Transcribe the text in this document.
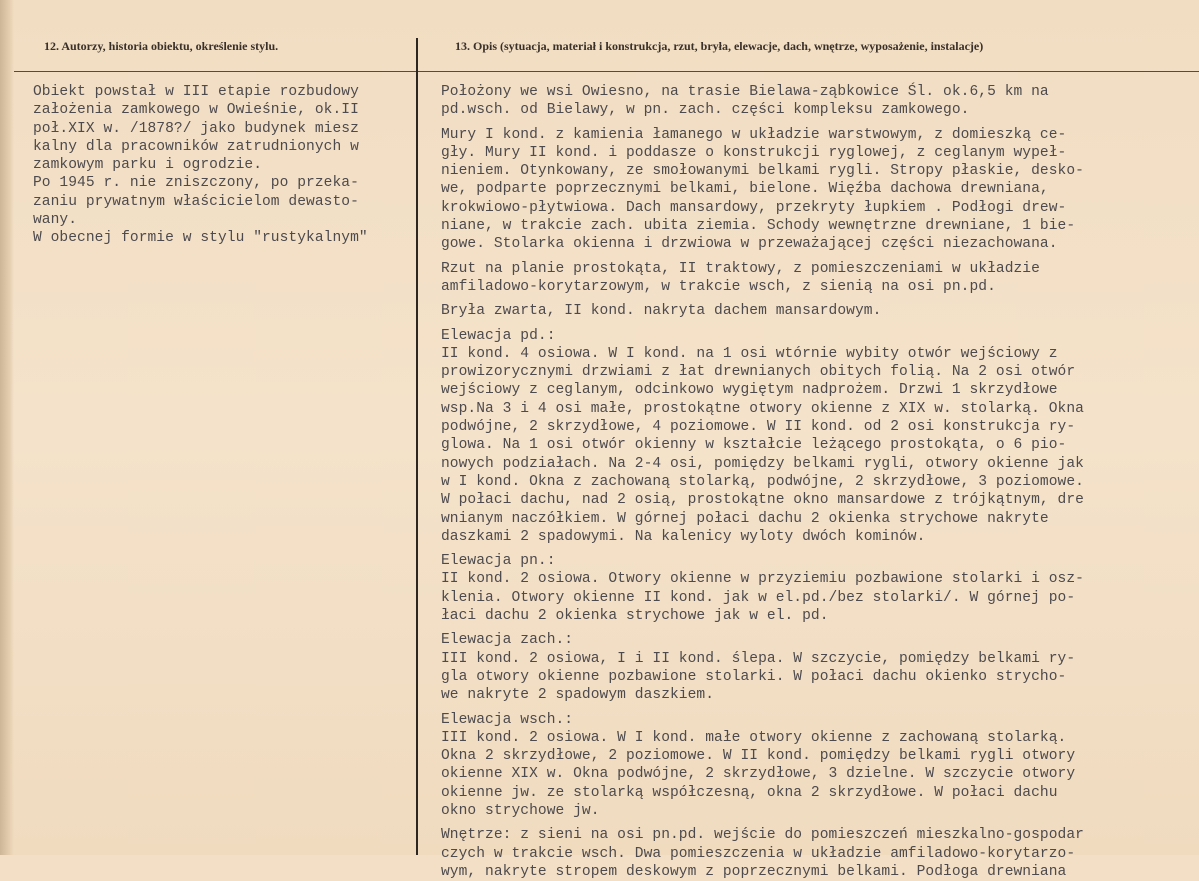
12. Autorzy, historia obiektu, określenie stylu.	13. Opis (sytuacja, materiał i konstrukcja, rzut, bryła, elewacje, dach, wnętrze, wyposażenie, instalacje)
Obiekt powstał w III etapie rozbudowy
założenia zamkowego w Owieśnie, ok.II
poł.XIX w. /1878?/ jako budynek miesz
kalny dla pracowników zatrudnionych w
zamkowym parku i ogrodzie.
Po 1945 r. nie zniszczony, po przeka-
zaniu prywatnym właścicielom dewasto-
wany.
W obecnej formie w stylu "rustykalnym"
Położony we wsi Owiesno, na trasie Bielawa-ząbkowice Śl. ok.6,5 km na
pd.wsch. od Bielawy, w pn. zach. części kompleksu zamkowego.
Mury I kond. z kamienia łamanego w układzie warstwowym, z domieszką ce-
gły. Mury II kond. i poddasze o konstrukcji ryglowej, z ceglanym wypeł-
nieniem. Otynkowany, ze smołowanymi belkami rygli. Stropy płaskie, desko-
we, podparte poprzecznymi belkami, bielone. Więźba dachowa drewniana,
krokwiowo-płytwiowa. Dach mansardowy, przekryty łupkiem . Podłogi drew-
niane, w trakcie zach. ubita ziemia. Schody wewnętrzne drewniane, 1 bie-
gowe. Stolarka okienna i drzwiowa w przeważającej części niezachowana.
Rzut na planie prostokąta, II traktowy, z pomieszczeniami w układzie
amfiladowo-korytarzowym, w trakcie wsch, z sienią na osi pn.pd.
Bryła zwarta, II kond. nakryta dachem mansardowym.
Elewacja pd.:
II kond. 4 osiowa. W I kond. na 1 osi wtórnie wybity otwór wejściowy z
prowizorycznymi drzwiami z łat drewnianych obitych folią. Na 2 osi otwór
wejściowy z ceglanym, odcinkowo wygiętym nadprożem. Drzwi 1 skrzydłowe
wsp.Na 3 i 4 osi małe, prostokątne otwory okienne z XIX w. stolarką. Okna
podwójne, 2 skrzydłowe, 4 poziomowe. W II kond. od 2 osi konstrukcja ry-
glowa. Na 1 osi otwór okienny w kształcie leżącego prostokąta, o 6 pio-
nowych podziałach. Na 2-4 osi, pomiędzy belkami rygli, otwory okienne jak
w I kond. Okna z zachowaną stolarką, podwójne, 2 skrzydłowe, 3 poziomowe.
W połaci dachu, nad 2 osią, prostokątne okno mansardowe z trójkątnym, dre
wnianym naczółkiem. W górnej połaci dachu 2 okienka strychowe nakryte
daszkami 2 spadowymi. Na kalenicy wyloty dwóch kominów.
Elewacja pn.:
II kond. 2 osiowa. Otwory okienne w przyziemiu pozbawione stolarki i osz-
klenia. Otwory okienne II kond. jak w el.pd./bez stolarki/. W górnej po-
łaci dachu 2 okienka strychowe jak w el. pd.
Elewacja zach.:
III kond. 2 osiowa, I i II kond. ślepa. W szczycie, pomiędzy belkami ry-
gla otwory okienne pozbawione stolarki. W połaci dachu okienko strycho-
we nakryte 2 spadowym daszkiem.
Elewacja wsch.:
III kond. 2 osiowa. W I kond. małe otwory okienne z zachowaną stolarką.
Okna 2 skrzydłowe, 2 poziomowe. W II kond. pomiędzy belkami rygli otwory
okienne XIX w. Okna podwójne, 2 skrzydłowe, 3 dzielne. W szczycie otwory
okienne jw. ze stolarką współczesną, okna 2 skrzydłowe. W połaci dachu
okno strychowe jw.
Wnętrze: z sieni na osi pn.pd. wejście do pomieszczeń mieszkalno-gospodar
czych w trakcie wsch. Dwa pomieszczenia w układzie amfiladowo-korytarzo-
wym, nakryte stropem deskowym z poprzecznymi belkami. Podłoga drewniana
